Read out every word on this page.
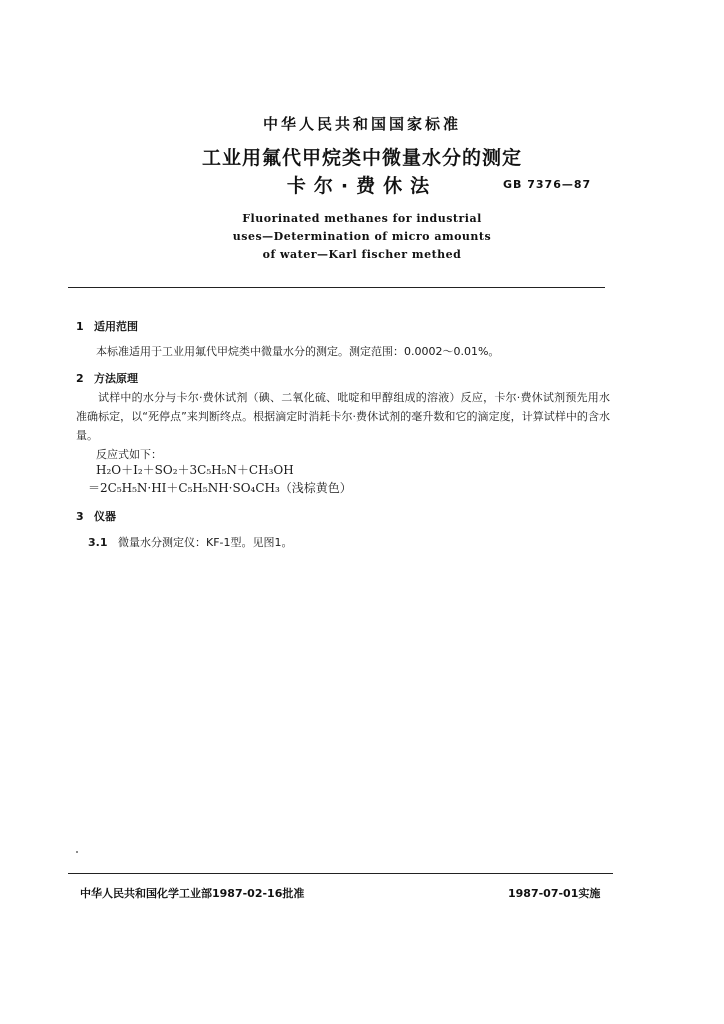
中华人民共和国国家标准
工业用氟代甲烷类中微量水分的测定
卡尔·费休法	GB 7376—87
Fluorinated methanes for industrial
uses—Determination of micro amounts
of water—Karl fischer methed
1 适用范围
本标准适用于工业用氟代甲烷类中微量水分的测定。测定范围：0.0002～0.01%。
2 方法原理
试样中的水分与卡尔·费休试剂（碘、二氧化硫、吡啶和甲醇组成的溶液）反应，卡尔·费休试剂预先用水准确标定，以“死停点”来判断终点。根据滴定时消耗卡尔·费休试剂的毫升数和它的滴定度，计算试样中的含水量。
反应式如下：
H₂O＋I₂＋SO₂＋3C₅H₅N＋CH₃OH
＝2C₅H₅N·HI＋C₅H₅NH·SO₄CH₃（浅棕黄色）
3 仪器
3.1 微量水分测定仪：KF-1型。见图1。
中华人民共和国化学工业部1987-02-16批准	1987-07-01实施
